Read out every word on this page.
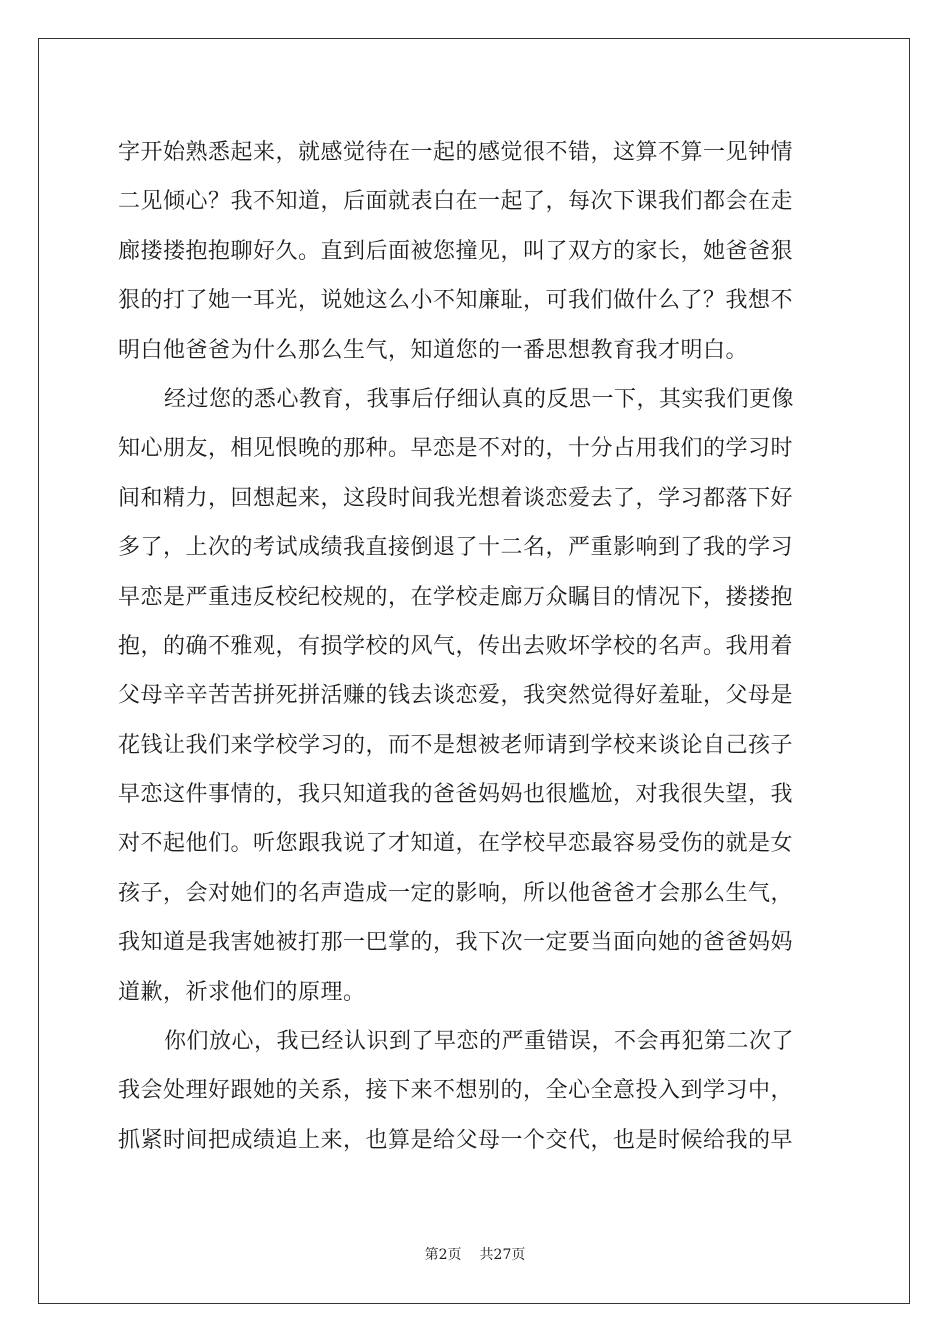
字开始熟悉起来，就感觉待在一起的感觉很不错，这算不算一见钟情
二见倾心？我不知道，后面就表白在一起了，每次下课我们都会在走
廊搂搂抱抱聊好久。直到后面被您撞见，叫了双方的家长，她爸爸狠
狠的打了她一耳光，说她这么小不知廉耻，可我们做什么了？我想不
明白他爸爸为什么那么生气，知道您的一番思想教育我才明白。
经过您的悉心教育，我事后仔细认真的反思一下，其实我们更像
知心朋友，相见恨晚的那种。早恋是不对的，十分占用我们的学习时
间和精力，回想起来，这段时间我光想着谈恋爱去了，学习都落下好
多了，上次的考试成绩我直接倒退了十二名，严重影响到了我的学习
早恋是严重违反校纪校规的，在学校走廊万众瞩目的情况下，搂搂抱
抱，的确不雅观，有损学校的风气，传出去败坏学校的名声。我用着
父母辛辛苦苦拼死拼活赚的钱去谈恋爱，我突然觉得好羞耻，父母是
花钱让我们来学校学习的，而不是想被老师请到学校来谈论自己孩子
早恋这件事情的，我只知道我的爸爸妈妈也很尴尬，对我很失望，我
对不起他们。听您跟我说了才知道，在学校早恋最容易受伤的就是女
孩子，会对她们的名声造成一定的影响，所以他爸爸才会那么生气，
我知道是我害她被打那一巴掌的，我下次一定要当面向她的爸爸妈妈
道歉，祈求他们的原理。
你们放心，我已经认识到了早恋的严重错误，不会再犯第二次了
我会处理好跟她的关系，接下来不想别的，全心全意投入到学习中，
抓紧时间把成绩追上来，也算是给父母一个交代，也是时候给我的早
第2页 共27页
